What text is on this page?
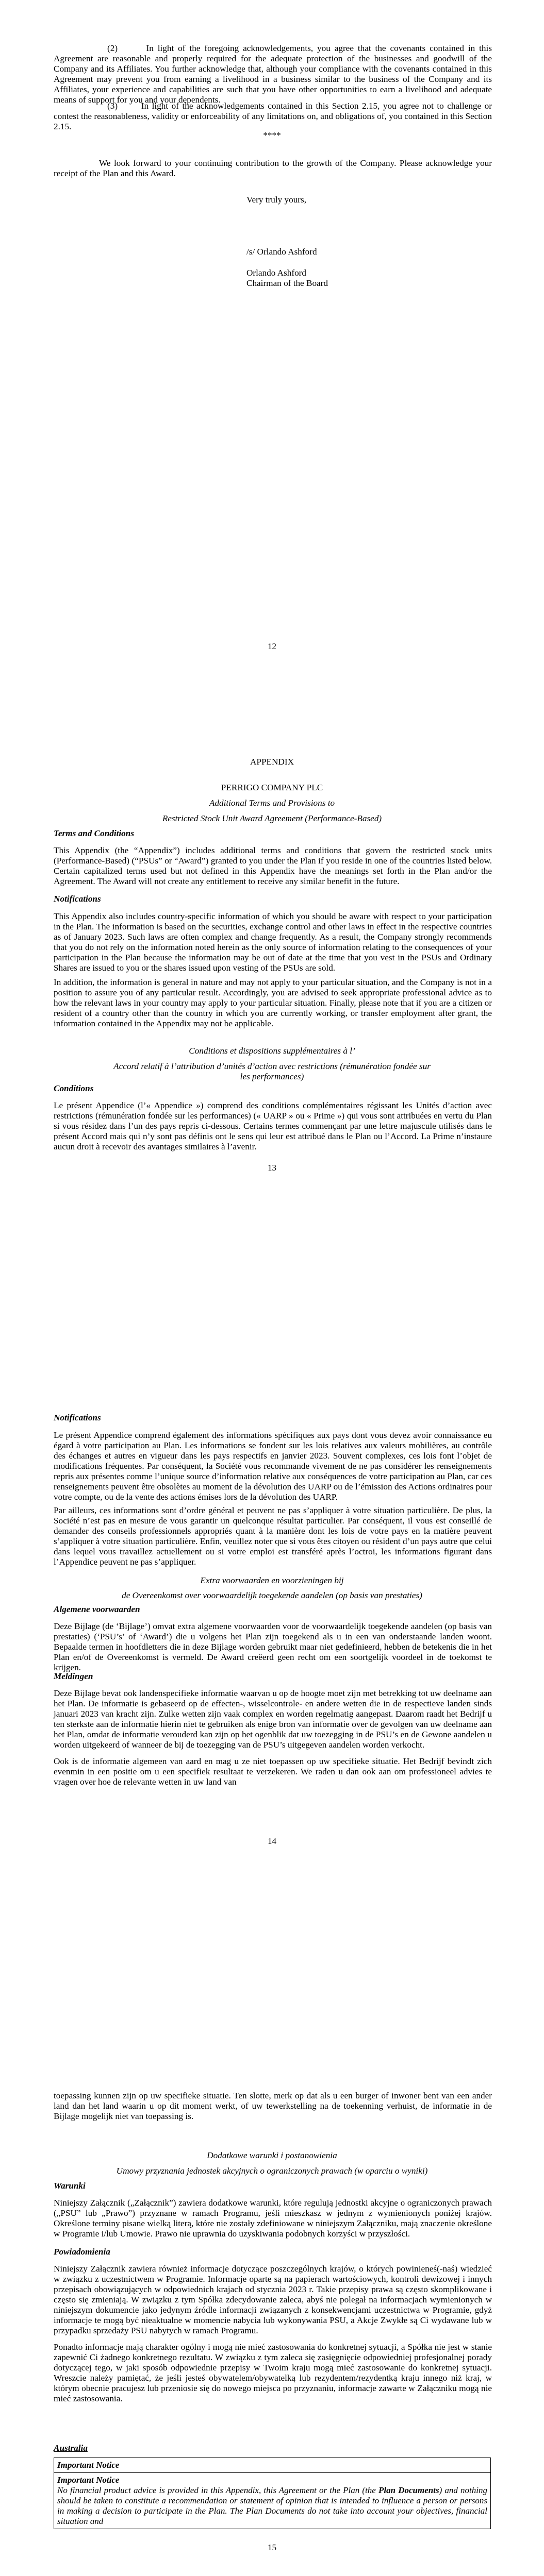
(2)       In light of the foregoing acknowledgements, you agree that the covenants contained in this Agreement are reasonable and properly required for the adequate protection of the businesses and goodwill of the Company and its Affiliates. You further acknowledge that, although your compliance with the covenants contained in this Agreement may prevent you from earning a livelihood in a business similar to the business of the Company and its Affiliates, your experience and capabilities are such that you have other opportunities to earn a livelihood and adequate means of support for you and your dependents.

(3)       In light of the acknowledgements contained in this Section 2.15, you agree not to challenge or contest the reasonableness, validity or enforceability of any limitations on, and obligations of, you contained in this Section 2.15.

****

We look forward to your continuing contribution to the growth of the Company. Please acknowledge your receipt of the Plan and this Award.

Very truly yours,

/s/ Orlando Ashford

Orlando Ashford

Chairman of the Board

12

APPENDIX

PERRIGO COMPANY PLC

Additional Terms and Provisions to

Restricted Stock Unit Award Agreement (Performance-Based)

Terms and Conditions

This Appendix (the “Appendix”) includes additional terms and conditions that govern the restricted stock units (Performance-Based) (“PSUs” or “Award”) granted to you under the Plan if you reside in one of the countries listed below. Certain capitalized terms used but not defined in this Appendix have the meanings set forth in the Plan and/or the Agreement. The Award will not create any entitlement to receive any similar benefit in the future.

Notifications

This Appendix also includes country-specific information of which you should be aware with respect to your participation in the Plan. The information is based on the securities, exchange control and other laws in effect in the respective countries as of January 2023. Such laws are often complex and change frequently. As a result, the Company strongly recommends that you do not rely on the information noted herein as the only source of information relating to the consequences of your participation in the Plan because the information may be out of date at the time that you vest in the PSUs and Ordinary Shares are issued to you or the shares issued upon vesting of the PSUs are sold.

In addition, the information is general in nature and may not apply to your particular situation, and the Company is not in a position to assure you of any particular result. Accordingly, you are advised to seek appropriate professional advice as to how the relevant laws in your country may apply to your particular situation. Finally, please note that if you are a citizen or resident of a country other than the country in which you are currently working, or transfer employment after grant, the information contained in the Appendix may not be applicable.

Conditions et dispositions supplémentaires à l’

Accord relatif à l’attribution d’unités d’action avec restrictions (rémunération fondée sur les performances)

Conditions

Le présent Appendice (l’« Appendice ») comprend des conditions complémentaires régissant les Unités d’action avec restrictions (rémunération fondée sur les performances) (« UARP » ou « Prime ») qui vous sont attribuées en vertu du Plan si vous résidez dans l’un des pays repris ci-dessous. Certains termes commençant par une lettre majuscule utilisés dans le présent Accord mais qui n’y sont pas définis ont le sens qui leur est attribué dans le Plan ou l’Accord. La Prime n’instaure aucun droit à recevoir des avantages similaires à l’avenir.

13

Notifications

Le présent Appendice comprend également des informations spécifiques aux pays dont vous devez avoir connaissance eu égard à votre participation au Plan. Les informations se fondent sur les lois relatives aux valeurs mobilières, au contrôle des échanges et autres en vigueur dans les pays respectifs en janvier 2023. Souvent complexes, ces lois font l’objet de modifications fréquentes. Par conséquent, la Société vous recommande vivement de ne pas considérer les renseignements repris aux présentes comme l’unique source d’information relative aux conséquences de votre participation au Plan, car ces renseignements peuvent être obsolètes au moment de la dévolution des UARP ou de l’émission des Actions ordinaires pour votre compte, ou de la vente des actions émises lors de la dévolution des UARP.

Par ailleurs, ces informations sont d’ordre général et peuvent ne pas s’appliquer à votre situation particulière. De plus, la Société n’est pas en mesure de vous garantir un quelconque résultat particulier. Par conséquent, il vous est conseillé de demander des conseils professionnels appropriés quant à la manière dont les lois de votre pays en la matière peuvent s’appliquer à votre situation particulière. Enfin, veuillez noter que si vous êtes citoyen ou résident d’un pays autre que celui dans lequel vous travaillez actuellement ou si votre emploi est transféré après l’octroi, les informations figurant dans l’Appendice peuvent ne pas s’appliquer.

Extra voorwaarden en voorzieningen bij

de Overeenkomst over voorwaardelijk toegekende aandelen (op basis van prestaties)

Algemene voorwaarden

Deze Bijlage (de ‘Bijlage’) omvat extra algemene voorwaarden voor de voorwaardelijk toegekende aandelen (op basis van prestaties) (‘PSU’s’ of ‘Award’) die u volgens het Plan zijn toegekend als u in een van onderstaande landen woont. Bepaalde termen in hoofdletters die in deze Bijlage worden gebruikt maar niet gedefinieerd, hebben de betekenis die in het Plan en/of de Overeenkomst is vermeld. De Award creëerd geen recht om een soortgelijk voordeel in de toekomst te krijgen.

Meldingen

Deze Bijlage bevat ook landenspecifieke informatie waarvan u op de hoogte moet zijn met betrekking tot uw deelname aan het Plan. De informatie is gebaseerd op de effecten-, wisselcontrole- en andere wetten die in de respectieve landen sinds januari 2023 van kracht zijn. Zulke wetten zijn vaak complex en worden regelmatig aangepast. Daarom raadt het Bedrijf u ten sterkste aan de informatie hierin niet te gebruiken als enige bron van informatie over de gevolgen van uw deelname aan het Plan, omdat de informatie verouderd kan zijn op het ogenblik dat uw toezegging in de PSU’s en de Gewone aandelen u worden uitgekeerd of wanneer de bij de toezegging van de PSU’s uitgegeven aandelen worden verkocht.

Ook is de informatie algemeen van aard en mag u ze niet toepassen op uw specifieke situatie. Het Bedrijf bevindt zich evenmin in een positie om u een specifiek resultaat te verzekeren. We raden u dan ook aan om professioneel advies te vragen over hoe de relevante wetten in uw land van

14

toepassing kunnen zijn op uw specifieke situatie. Ten slotte, merk op dat als u een burger of inwoner bent van een ander land dan het land waarin u op dit moment werkt, of uw tewerkstelling na de toekenning verhuist, de informatie in de Bijlage mogelijk niet van toepassing is.

Dodatkowe warunki i postanowienia

Umowy przyznania jednostek akcyjnych o ograniczonych prawach (w oparciu o wyniki)

Warunki

Niniejszy Załącznik („Załącznik”) zawiera dodatkowe warunki, które regulują jednostki akcyjne o ograniczonych prawach („PSU” lub „Prawo”) przyznane w ramach Programu, jeśli mieszkasz w jednym z wymienionych poniżej krajów. Określone terminy pisane wielką literą, które nie zostały zdefiniowane w niniejszym Załączniku, mają znaczenie określone w Programie i/lub Umowie. Prawo nie uprawnia do uzyskiwania podobnych korzyści w przyszłości.

Powiadomienia

Niniejszy Załącznik zawiera również informacje dotyczące poszczególnych krajów, o których powinieneś(-naś) wiedzieć w związku z uczestnictwem w Programie. Informacje oparte są na papierach wartościowych, kontroli dewizowej i innych przepisach obowiązujących w odpowiednich krajach od stycznia 2023 r. Takie przepisy prawa są często skomplikowane i często się zmieniają. W związku z tym Spółka zdecydowanie zaleca, abyś nie polegał na informacjach wymienionych w niniejszym dokumencie jako jedynym źródle informacji związanych z konsekwencjami uczestnictwa w Programie, gdyż informacje te mogą być nieaktualne w momencie nabycia lub wykonywania PSU, a Akcje Zwykłe są Ci wydawane lub w przypadku sprzedaży PSU nabytych w ramach Programu.

Ponadto informacje mają charakter ogólny i mogą nie mieć zastosowania do konkretnej sytuacji, a Spółka nie jest w stanie zapewnić Ci żadnego konkretnego rezultatu. W związku z tym zaleca się zasięgnięcie odpowiedniej profesjonalnej porady dotyczącej tego, w jaki sposób odpowiednie przepisy w Twoim kraju mogą mieć zastosowanie do konkretnej sytuacji. Wreszcie należy pamiętać, że jeśli jesteś obywatelem/obywatelką lub rezydentem/rezydentką kraju innego niż kraj, w którym obecnie pracujesz lub przeniosie się do nowego miejsca po przyznaniu, informacje zawarte w Załączniku mogą nie mieć zastosowania.

Australia

Important Notice

Important Notice
No financial product advice is provided in this Appendix, this Agreement or the Plan (the Plan Documents) and nothing should be taken to constitute a recommendation or statement of opinion that is intended to influence a person or persons in making a decision to participate in the Plan. The Plan Documents do not take into account your objectives, financial situation and
15
